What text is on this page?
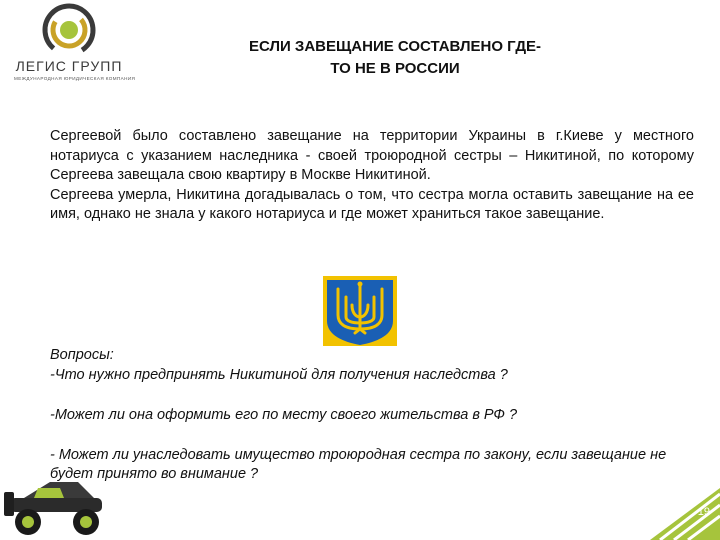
ЛЕГИС ГРУПП
МЕЖДУНАРОДНАЯ ЮРИДИЧЕСКАЯ КОМПАНИЯ
ЕСЛИ ЗАВЕЩАНИЕ СОСТАВЛЕНО ГДЕ-
ТО НЕ В РОССИИ

Сергеевой было составлено завещание на территории Украины в г.Киеве у местного нотариуса с указанием наследника - своей троюродной сестры – Никитиной, по которому Сергеева завещала свою квартиру в Москве Никитиной.

Сергеева умерла, Никитина догадывалась о том, что сестра могла оставить завещание на ее имя, однако не знала у какого нотариуса и где может храниться такое завещание.

Вопросы:

-Что нужно предпринять Никитиной для получения наследства ?

-Может ли она оформить его по месту своего жительства в РФ ?

- Может ли унаследовать имущество троюродная сестра по закону, если завещание не будет принято во внимание ?

19
